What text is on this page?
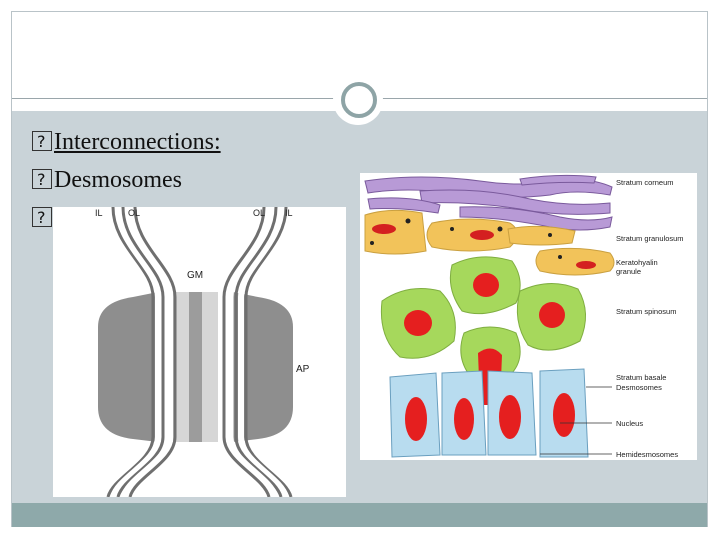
?Interconnections:
?Desmosomes
?
IL	OL	OL IL
GM
AP
Stratum corneum
Stratum granulosum
Keratohyalin
granule
Stratum spinosum
Stratum basale
Desmosomes
Nucleus
Hemidesmosomes
